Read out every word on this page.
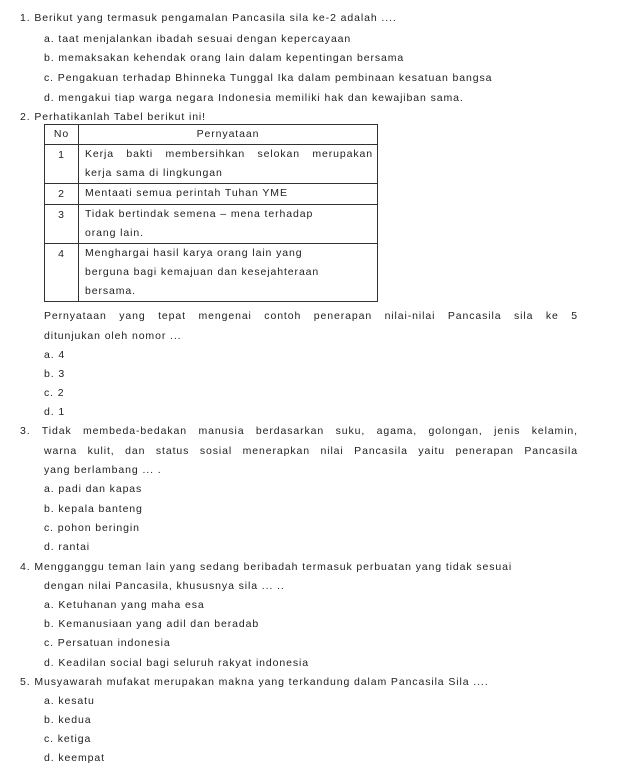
1. Berikut yang termasuk pengamalan Pancasila sila ke-2 adalah ....
a. taat menjalankan ibadah sesuai dengan kepercayaan
b. memaksakan kehendak orang lain dalam kepentingan bersama
c. Pengakuan terhadap Bhinneka Tunggal Ika dalam pembinaan kesatuan bangsa
d. mengakui tiap warga negara Indonesia memiliki hak dan kewajiban sama.
2. Perhatikanlah Tabel berikut ini!
No	Pernyataan
1	Kerja bakti membersihkan selokan merupakan
kerja sama di lingkungan

2	Mentaati semua perintah Tuhan YME

3	Tidak bertindak semena – mena terhadap
orang lain.

4	Menghargai hasil karya orang lain yang
berguna bagi kemajuan dan kesejahteraan
bersama.
Pernyataan yang tepat mengenai contoh penerapan nilai-nilai Pancasila sila ke 5
ditunjukan oleh nomor ...
a. 4
b. 3
c. 2
d. 1
3. Tidak membeda-bedakan manusia berdasarkan suku, agama, golongan, jenis kelamin,
warna kulit, dan status sosial menerapkan nilai Pancasila yaitu penerapan Pancasila
yang berlambang ... .
a. padi dan kapas
b. kepala banteng
c. pohon beringin
d. rantai
4. Mengganggu teman lain yang sedang beribadah termasuk perbuatan yang tidak sesuai
dengan nilai Pancasila, khususnya sila ... ..
a. Ketuhanan yang maha esa
b. Kemanusiaan yang adil dan beradab
c. Persatuan indonesia
d. Keadilan social bagi seluruh rakyat indonesia
5. Musyawarah mufakat merupakan makna yang terkandung dalam Pancasila Sila ....
a. kesatu
b. kedua
c. ketiga
d. keempat
